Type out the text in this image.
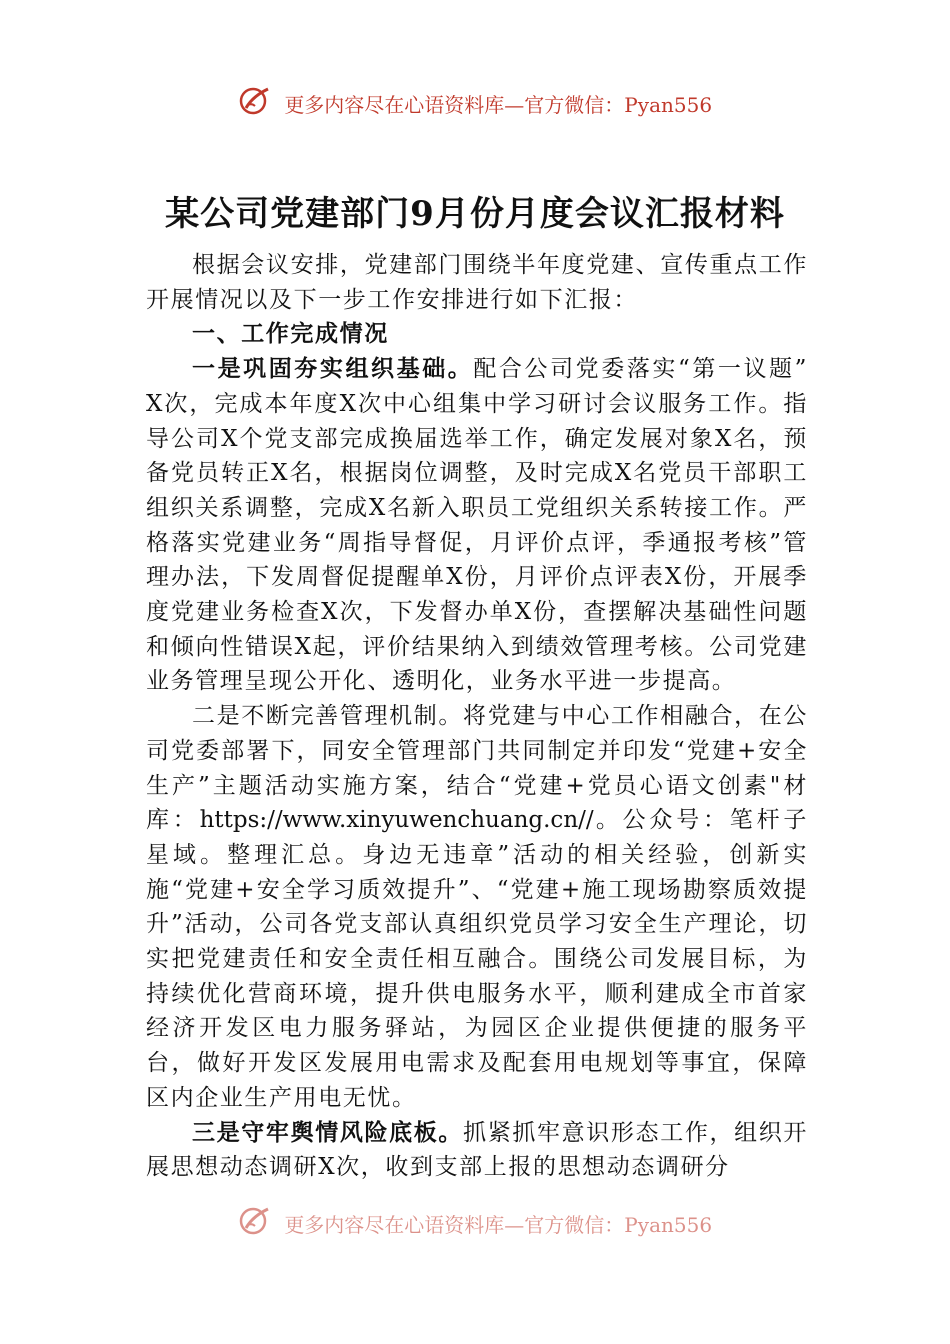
更多内容尽在心语资料库—官方微信：Pyan556
某公司党建部门9月份月度会议汇报材料

根据会议安排，党建部门围绕半年度党建、宣传重点工作开展情况以及下一步工作安排进行如下汇报：

一、工作完成情况

一是巩固夯实组织基础。配合公司党委落实“第一议题” X次，完成本年度X次中心组集中学习研讨会议服务工作。指导公司X个党支部完成换届选举工作，确定发展对象X名，预备党员转正X名，根据岗位调整，及时完成X名党员干部职工组织关系调整，完成X名新入职员工党组织关系转接工作。严格落实党建业务“周指导督促，月评价点评，季通报考核”管理办法，下发周督促提醒单X份，月评价点评表X份，开展季度党建业务检查X次，下发督办单X份，查摆解决基础性问题和倾向性错误X起，评价结果纳入到绩效管理考核。公司党建业务管理呈现公开化、透明化，业务水平进一步提高。

二是不断完善管理机制。将党建与中心工作相融合，在公司党委部署下，同安全管理部门共同制定并印发“党建+安全生产”主题活动实施方案，结合“党建+党员心语文创素"材库：https://www.xinyuwenchuang.cn//。公众号：笔杆子星域。整理汇总。身边无违章”活动的相关经验，创新实施“党建+安全学习质效提升”、“党建+施工现场勘察质效提升”活动，公司各党支部认真组织党员学习安全生产理论，切实把党建责任和安全责任相互融合。围绕公司发展目标，为持续优化营商环境，提升供电服务水平，顺利建成全市首家经济开发区电力服务驿站，为园区企业提供便捷的服务平台，做好开发区发展用电需求及配套用电规划等事宜，保障区内企业生产用电无忧。

三是守牢舆情风险底板。抓紧抓牢意识形态工作，组织开展思想动态调研X次，收到支部上报的思想动态调研分

更多内容尽在心语资料库—官方微信：Pyan556
